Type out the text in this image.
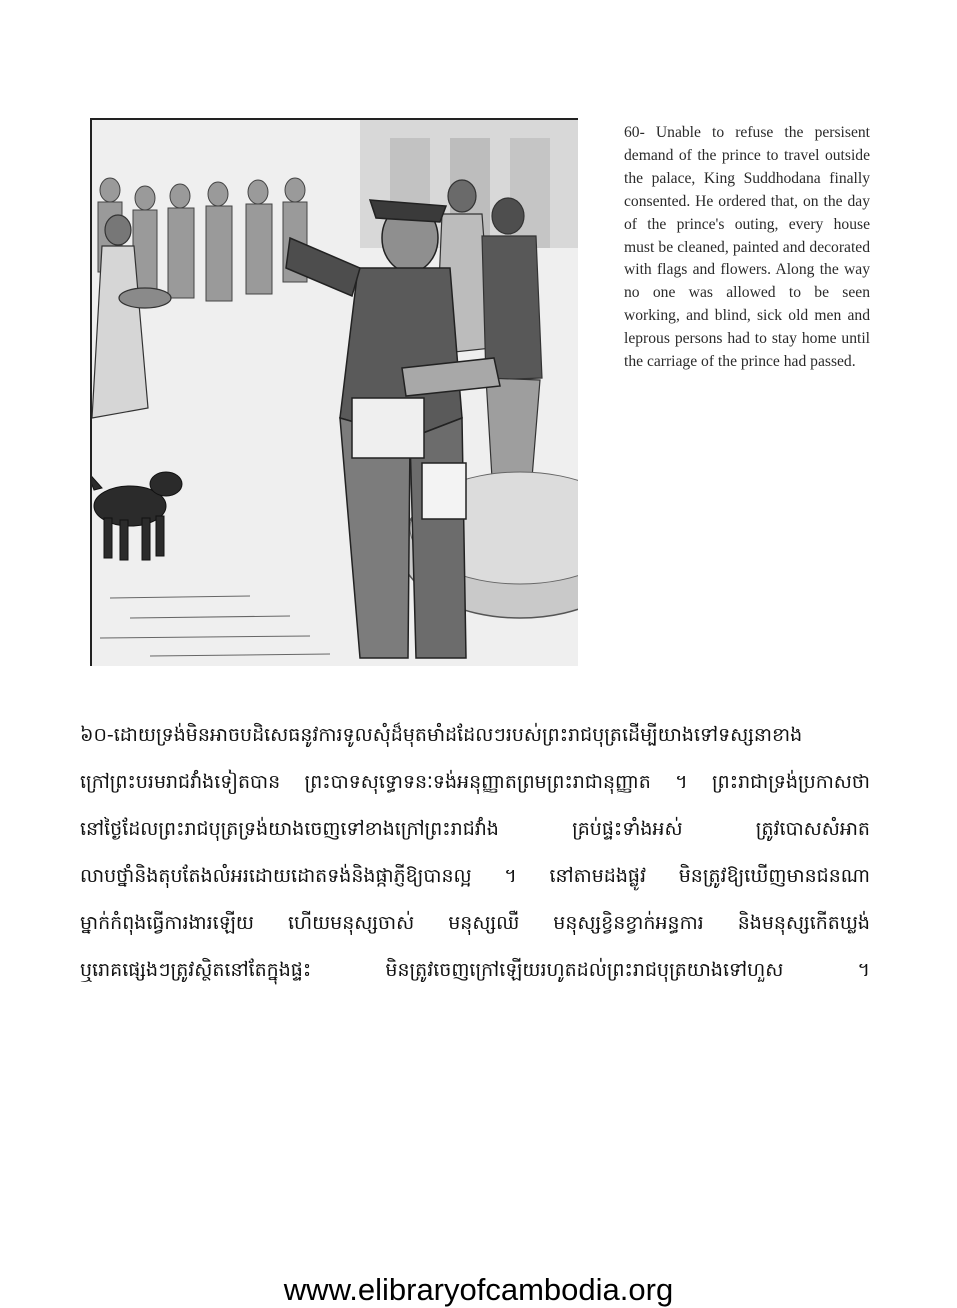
60- Unable to refuse the persisent demand of the prince to travel outside the palace, King Suddhodana finally consented. He ordered that, on the day of the prince's outing, every house must be cleaned, painted and decorated with flags and flowers. Along the way no one was allowed to be seen working, and blind, sick old men and leprous persons had to stay home until the carriage of the prince had passed.

៦០-ដោយទ្រង់មិនអាចបដិសេធនូវការទូលសុំដ៏មុតមាំដដែលៗរបស់ព្រះរាជបុត្រដើម្បីយាងទៅទស្សនាខាង
ក្រៅព្រះបរមរាជវាំងទៀតបាន ព្រះបាទសុទ្ធោទនៈទង់អនុញ្ញាតព្រមព្រះរាជានុញ្ញាត ។ ព្រះរាជាទ្រង់ប្រកាសថា
នៅថ្ងៃដែលព្រះរាជបុត្រទ្រង់យាងចេញទៅខាងក្រៅព្រះរាជវាំង គ្រប់ផ្ទះទាំងអស់ ត្រូវបោសសំអាត
លាបថ្នាំនិងតុបតែងលំអរដោយដោតទង់និងផ្កាភ្ញីឱ្យបានល្អ ។ នៅតាមដងផ្លូវ មិនត្រូវឱ្យឃើញមានជនណា
ម្នាក់កំពុងធ្វើការងារឡើយ ហើយមនុស្សចាស់ មនុស្សឈឺ មនុស្សខ្វិនខ្វាក់អន្ធការ និងមនុស្សកើតឃ្លង់
ឬរោគផ្សេងៗត្រូវស្ថិតនៅតែក្នុងផ្ទះ មិនត្រូវចេញក្រៅឡើយរហូតដល់ព្រះរាជបុត្រយាងទៅហួស ។
www.elibraryofcambodia.org
